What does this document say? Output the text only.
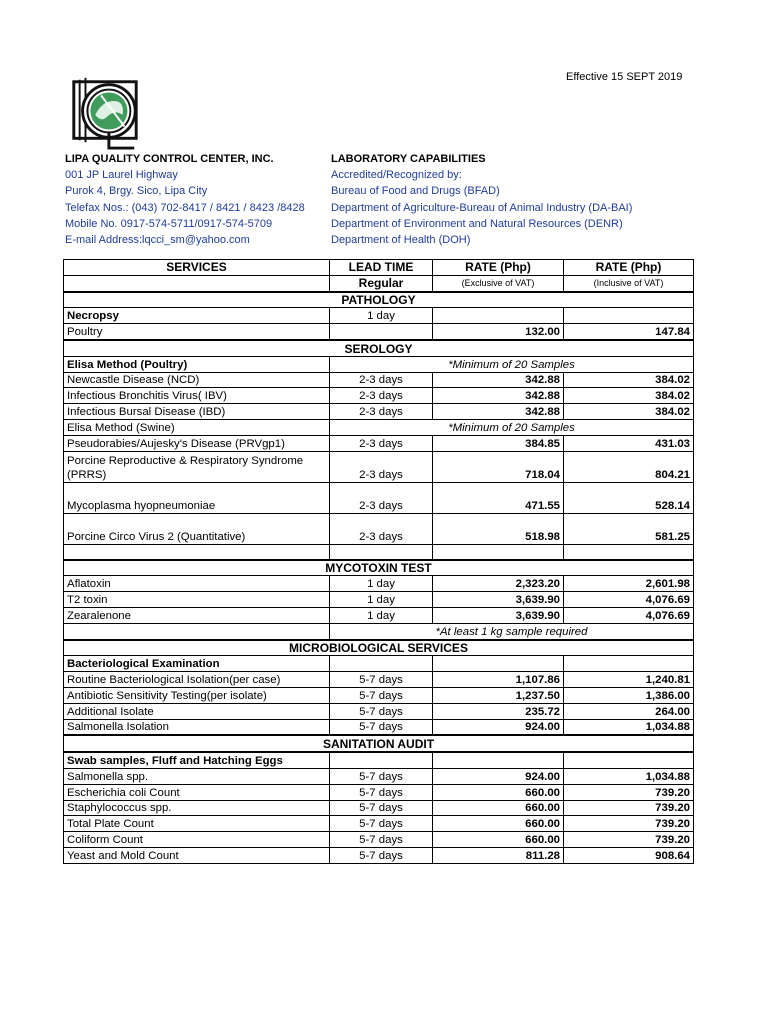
Effective 15 SEPT 2019
LIPA QUALITY CONTROL CENTER, INC.
001 JP Laurel Highway
Purok 4, Brgy. Sico, Lipa City
Telefax Nos.: (043) 702-8417 / 8421 / 8423 /8428
Mobile No. 0917-574-5711/0917-574-5709
E-mail Address:lqcci_sm@yahoo.com
LABORATORY CAPABILITIES
Accredited/Recognized by:
Bureau of Food and Drugs (BFAD)
Department of Agriculture-Bureau of Animal Industry (DA-BAI)
Department of Environment and Natural Resources (DENR)
Department of Health (DOH)
SERVICES	LEAD TIME	RATE (Php)	RATE (Php)
	Regular	(Exclusive of VAT)	(Inclusive of VAT)
PATHOLOGY			
Necropsy	1 day		
Poultry		132.00	147.84
SEROLOGY			
Elisa Method (Poultry)	*Minimum of 20 Samples		
Newcastle Disease (NCD)	2-3 days	342.88	384.02
Infectious Bronchitis Virus( IBV)	2-3 days	342.88	384.02
Infectious Bursal Disease (IBD)	2-3 days	342.88	384.02
Elisa Method (Swine)	*Minimum of 20 Samples		
Pseudorabies/Aujesky's Disease (PRVgp1)	2-3 days	384.85	431.03
Porcine Reproductive & Respiratory Syndrome (PRRS)	2-3 days	718.04	804.21
Mycoplasma hyopneumoniae	2-3 days	471.55	528.14
Porcine Circo Virus 2 (Quantitative)	2-3 days	518.98	581.25

MYCOTOXIN TEST			
Aflatoxin	1 day	2,323.20	2,601.98
T2 toxin	1 day	3,639.90	4,076.69
Zearalenone	1 day	3,639.90	4,076.69
	*At least 1 kg sample required		
MICROBIOLOGICAL SERVICES			
Bacteriological Examination			
Routine Bacteriological Isolation(per case)	5-7 days	1,107.86	1,240.81
Antibiotic Sensitivity Testing(per isolate)	5-7 days	1,237.50	1,386.00
Additional Isolate	5-7 days	235.72	264.00
Salmonella Isolation	5-7 days	924.00	1,034.88
SANITATION AUDIT			
Swab samples, Fluff and Hatching Eggs			
Salmonella spp.	5-7 days	924.00	1,034.88
Escherichia coli Count	5-7 days	660.00	739.20
Staphylococcus spp.	5-7 days	660.00	739.20
Total Plate Count	5-7 days	660.00	739.20
Coliform Count	5-7 days	660.00	739.20
Yeast and Mold Count	5-7 days	811.28	908.64
